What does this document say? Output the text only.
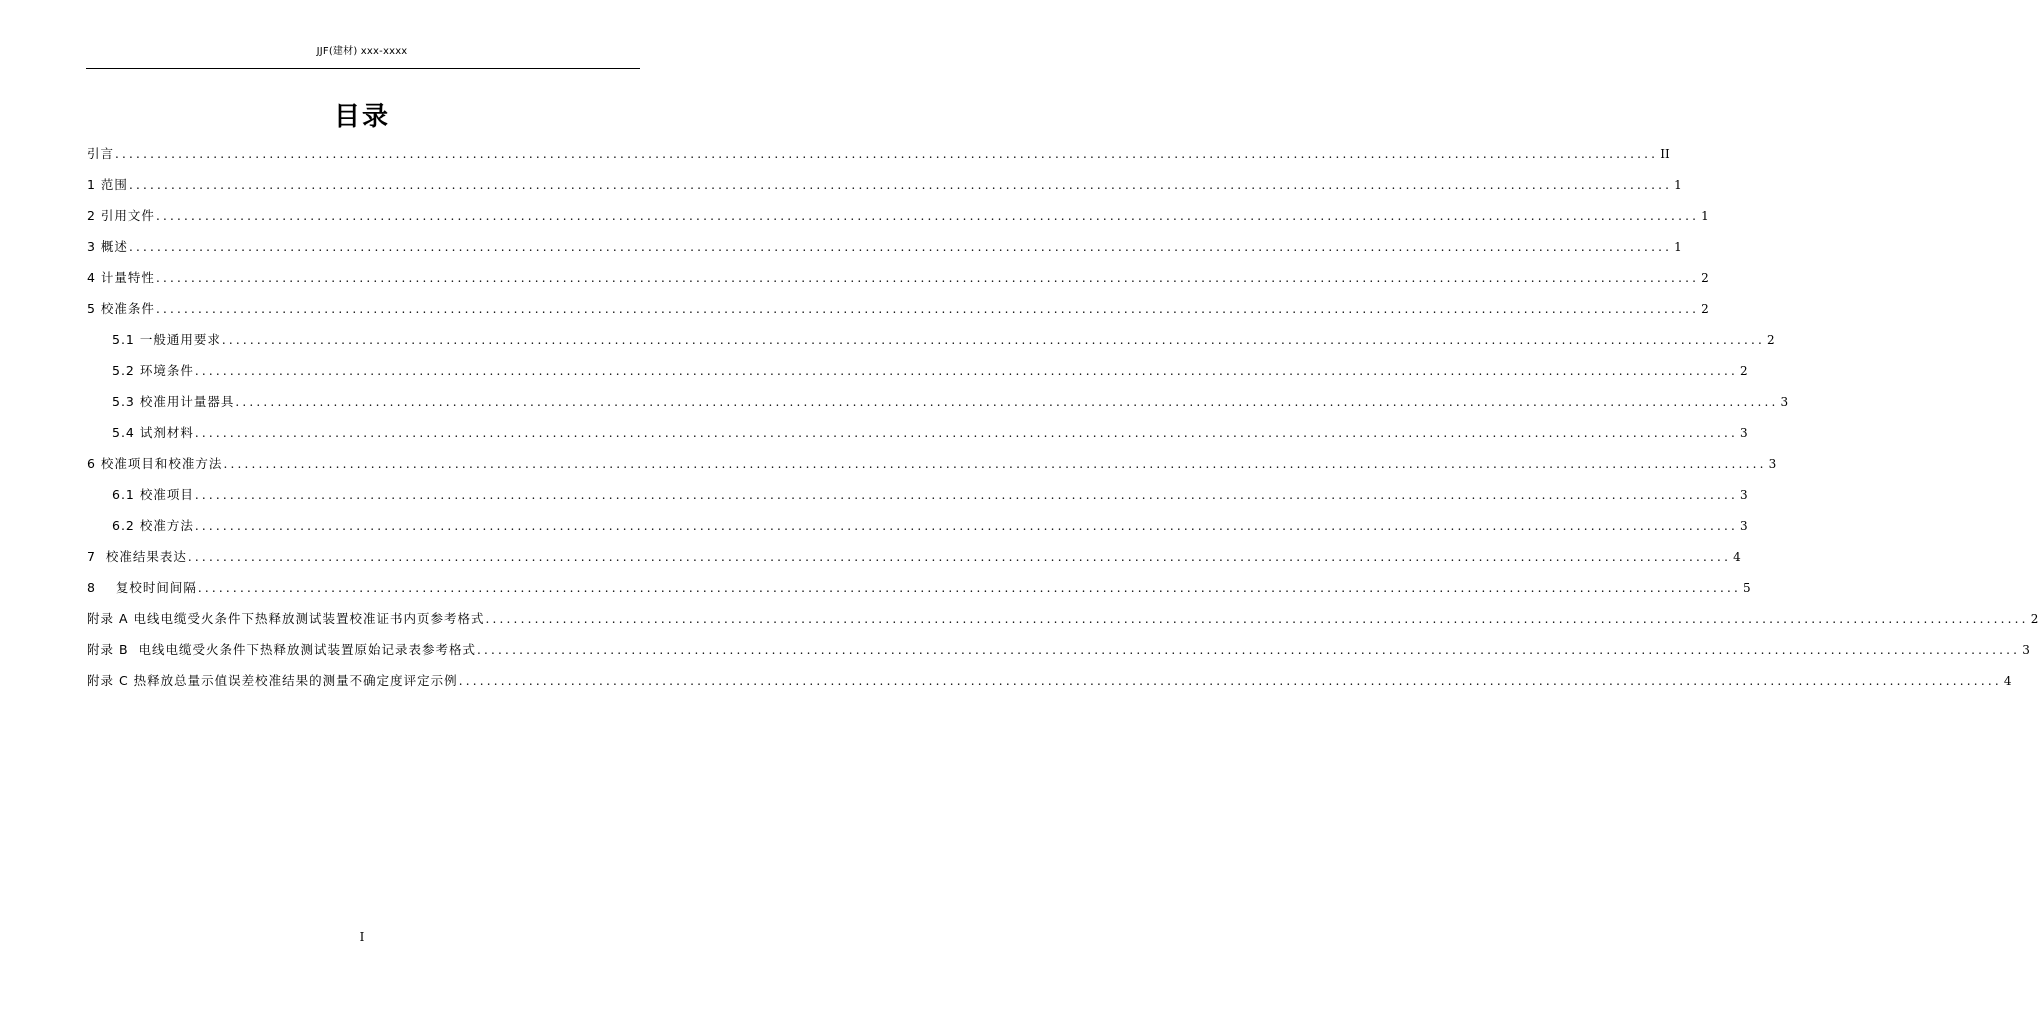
JJF(建材) xxx-xxxx
目录
引言 ............................................................................................................................................................................................................................ II
1 范围 ............................................................................................................................................................................................................................ 1
2 引用文件 ............................................................................................................................................................................................................................ 1
3 概述 ............................................................................................................................................................................................................................ 1
4 计量特性 ............................................................................................................................................................................................................................ 2
5 校准条件 ............................................................................................................................................................................................................................ 2
5.1 一般通用要求 ............................................................................................................................................................................................................................ 2
5.2 环境条件 ............................................................................................................................................................................................................................ 2
5.3 校准用计量器具 ............................................................................................................................................................................................................................ 3
5.4 试剂材料 ............................................................................................................................................................................................................................ 3
6 校准项目和校准方法 ............................................................................................................................................................................................................................ 3
6.1 校准项目 ............................................................................................................................................................................................................................ 3
6.2 校准方法 ............................................................................................................................................................................................................................ 3
7  校准结果表达 ............................................................................................................................................................................................................................ 4
8    复校时间间隔 ............................................................................................................................................................................................................................ 5
附录 A 电线电缆受火条件下热释放测试装置校准证书内页参考格式 ............................................................................................................................................................................................................................ 2
附录 B  电线电缆受火条件下热释放测试装置原始记录表参考格式 ............................................................................................................................................................................................................................ 3
附录 C 热释放总量示值误差校准结果的测量不确定度评定示例 ............................................................................................................................................................................................................................ 4
I
